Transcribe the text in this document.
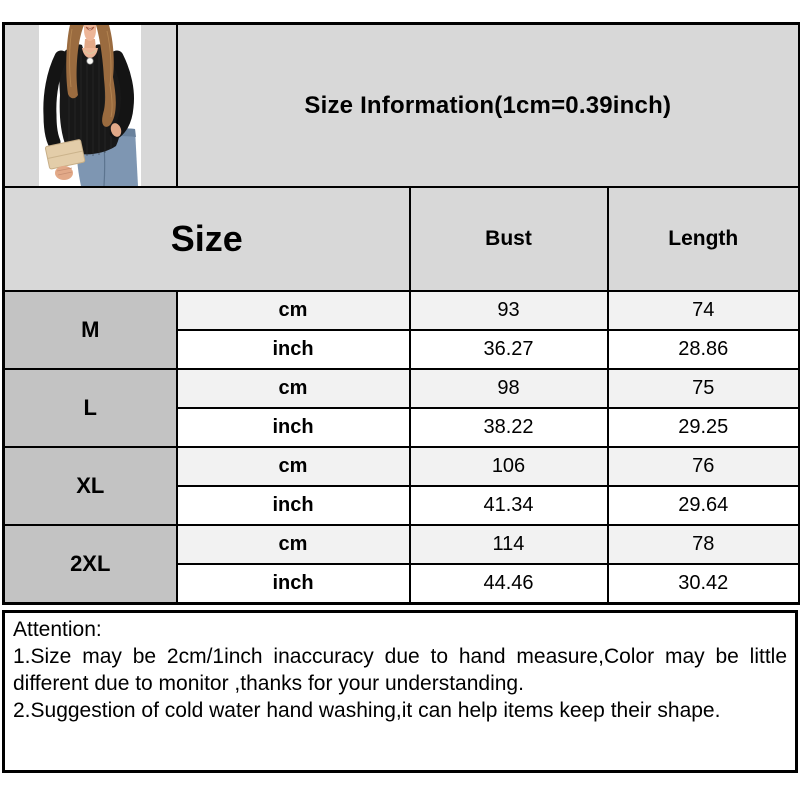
	Size Information(1cm=0.39inch)		
Size		Bust	Length
M	cm	93	74
	inch	36.27	28.86
L	cm	98	75
	inch	38.22	29.25
XL	cm	106	76
	inch	41.34	29.64
2XL	cm	114	78
	inch	44.46	30.42

Attention:

1.Size may be 2cm/1inch inaccuracy due to hand measure,Color may be little different due to monitor ,thanks for your understanding.

2.Suggestion of cold water hand washing,it can help items keep their shape.
